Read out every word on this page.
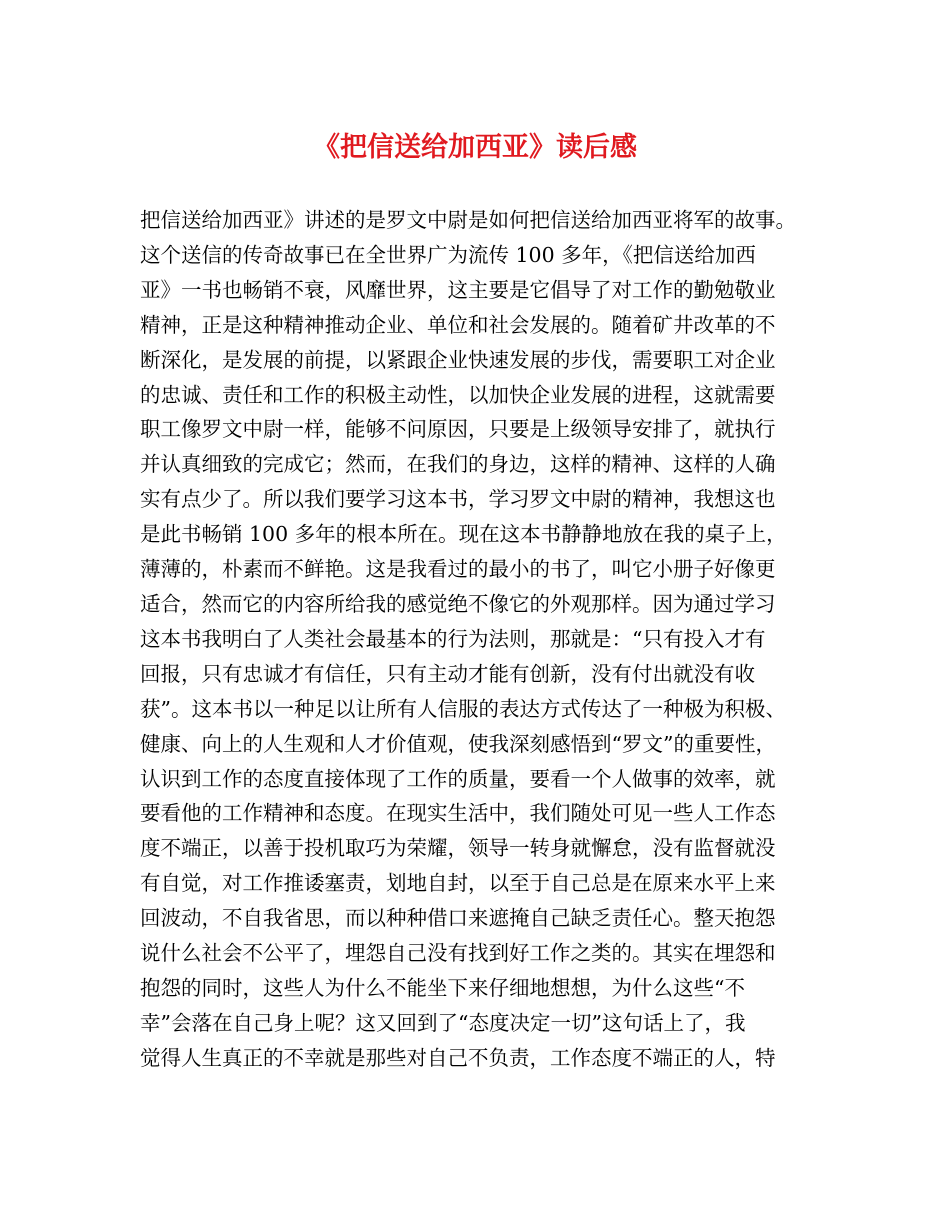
《把信送给加西亚》读后感
把信送给加西亚》讲述的是罗文中尉是如何把信送给加西亚将军的故事。
这个送信的传奇故事已在全世界广为流传 100 多年，《把信送给加西
亚》一书也畅销不衰，风靡世界，这主要是它倡导了对工作的勤勉敬业
精神，正是这种精神推动企业、单位和社会发展的。随着矿井改革的不
断深化，是发展的前提，以紧跟企业快速发展的步伐，需要职工对企业
的忠诚、责任和工作的积极主动性，以加快企业发展的进程，这就需要
职工像罗文中尉一样，能够不问原因，只要是上级领导安排了，就执行
并认真细致的完成它；然而，在我们的身边，这样的精神、这样的人确
实有点少了。所以我们要学习这本书，学习罗文中尉的精神，我想这也
是此书畅销 100 多年的根本所在。现在这本书静静地放在我的桌子上，
薄薄的，朴素而不鲜艳。这是我看过的最小的书了，叫它小册子好像更
适合，然而它的内容所给我的感觉绝不像它的外观那样。因为通过学习
这本书我明白了人类社会最基本的行为法则，那就是：“只有投入才有
回报，只有忠诚才有信任，只有主动才能有创新，没有付出就没有收
获”。这本书以一种足以让所有人信服的表达方式传达了一种极为积极、
健康、向上的人生观和人才价值观，使我深刻感悟到“罗文”的重要性，
认识到工作的态度直接体现了工作的质量，要看一个人做事的效率，就
要看他的工作精神和态度。在现实生活中，我们随处可见一些人工作态
度不端正，以善于投机取巧为荣耀，领导一转身就懈怠，没有监督就没
有自觉，对工作推诿塞责，划地自封，以至于自己总是在原来水平上来
回波动，不自我省思，而以种种借口来遮掩自己缺乏责任心。整天抱怨
说什么社会不公平了，埋怨自己没有找到好工作之类的。其实在埋怨和
抱怨的同时，这些人为什么不能坐下来仔细地想想，为什么这些“不
幸”会落在自己身上呢？这又回到了“态度决定一切”这句话上了，我
觉得人生真正的不幸就是那些对自己不负责，工作态度不端正的人，特
